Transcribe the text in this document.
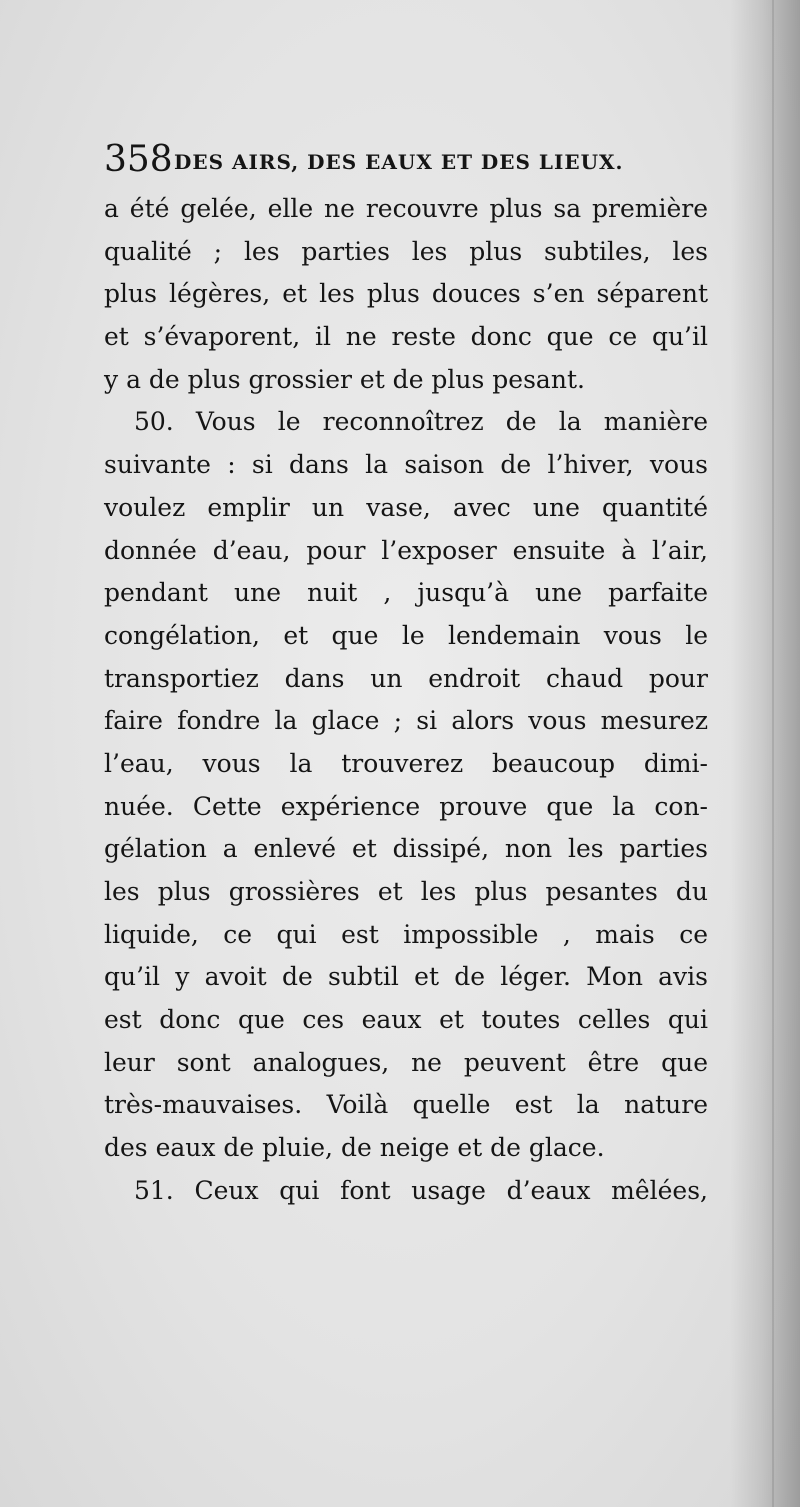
358 DES AIRS, DES EAUX ET DES LIEUX.
a été gelée, elle ne recouvre plus sa première
qualité ; les parties les plus subtiles, les
plus légères, et les plus douces s’en séparent
et s’évaporent, il ne reste donc que ce qu’il
y a de plus grossier et de plus pesant.
50. Vous le reconnoîtrez de la manière
suivante : si dans la saison de l’hiver, vous
voulez emplir un vase, avec une quantité
donnée d’eau, pour l’exposer ensuite à l’air,
pendant une nuit , jusqu’à une parfaite
congélation, et que le lendemain vous le
transportiez dans un endroit chaud pour
faire fondre la glace ; si alors vous mesurez
l’eau, vous la trouverez beaucoup dimi-
nuée. Cette expérience prouve que la con-
gélation a enlevé et dissipé, non les parties
les plus grossières et les plus pesantes du
liquide, ce qui est impossible , mais ce
qu’il y avoit de subtil et de léger. Mon avis
est donc que ces eaux et toutes celles qui
leur sont analogues, ne peuvent être que
très-mauvaises. Voilà quelle est la nature
des eaux de pluie, de neige et de glace.
51. Ceux qui font usage d’eaux mêlées,
